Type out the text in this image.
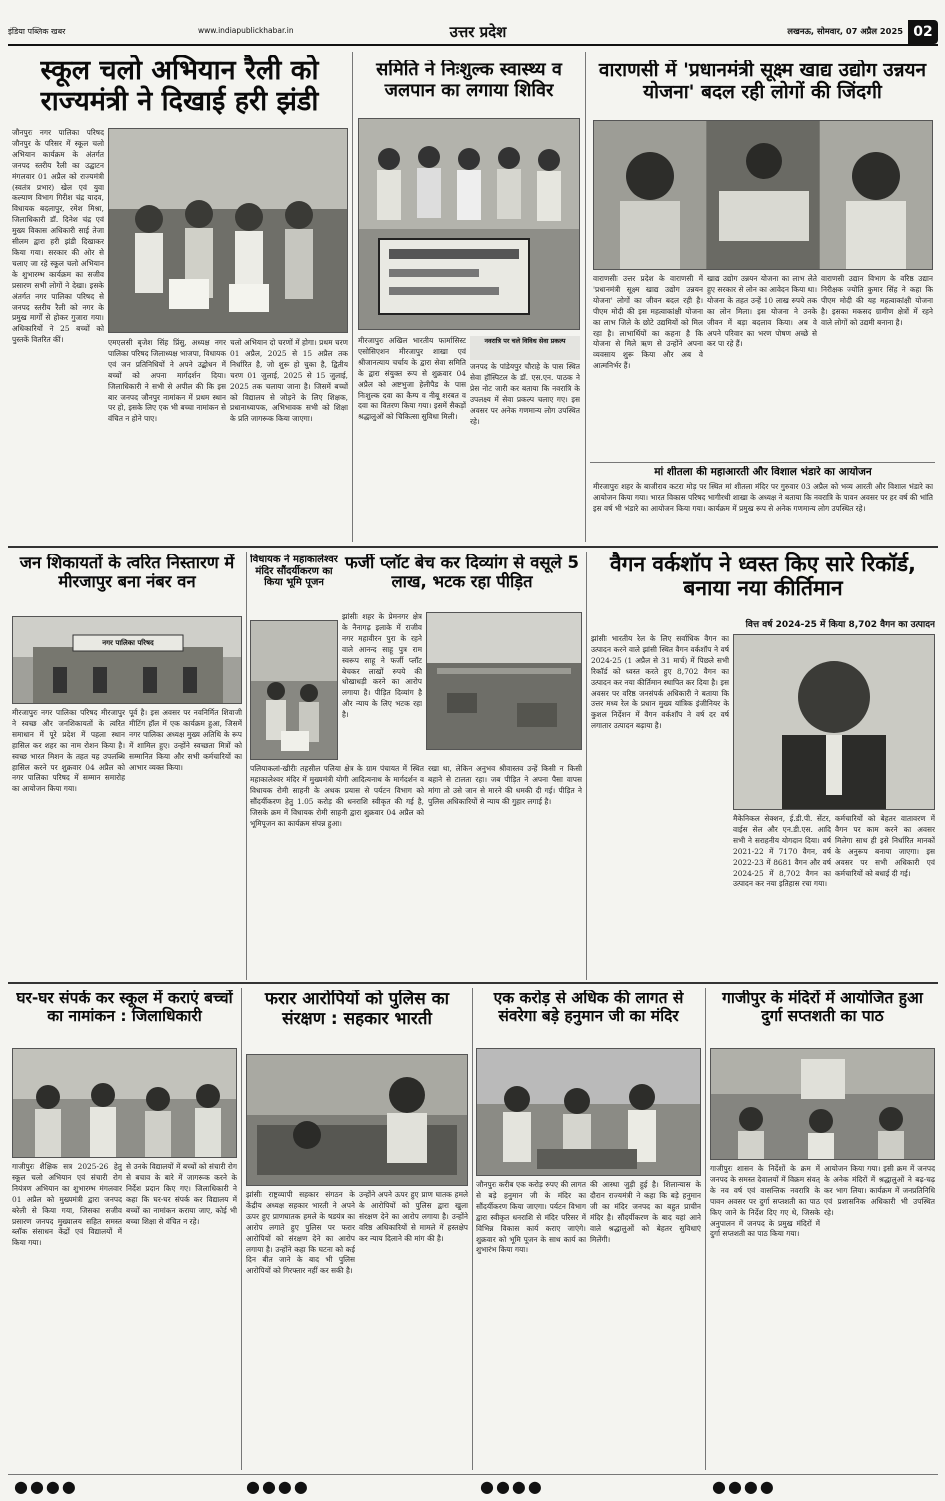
इंडिया पब्लिक खबर	www.indiapublickhabar.in	उत्तर प्रदेश	लखनऊ, सोमवार, 07 अप्रैल 2025 02
स्कूल चलो अभियान रैली को राज्यमंत्री ने दिखाई हरी झंडी
जौनपुरः नगर पालिका परिषद जौनपुर के परिसर में स्कूल चलो अभियान कार्यक्रम के अंतर्गत जनपद स्तरीय रैली का उद्घाटन मंगलवार 01 अप्रैल को राज्यमंत्री (स्वतंत्र प्रभार) खेल एवं युवा कल्याण विभाग गिरीश चंद्र यादव, विधायक बदलापुर, रमेश मिश्रा, जिलाधिकारी डॉ. दिनेश चंद्र एवं मुख्य विकास अधिकारी साई तेजा सीलम द्वारा हरी झंडी दिखाकर किया गया। सरकार की ओर से चलाए जा रहे स्कूल चलो अभियान के शुभारम्भ कार्यक्रम का सजीव प्रसारण सभी लोगों ने देखा। इसके अंतर्गत नगर पालिका परिषद से जनपद स्तरीय रैली को नगर के प्रमुख मार्गों से होकर गुजारा गया। अधिकारियों ने 25 बच्चों को पुस्तकें वितरित कीं।	एमएलसी बृजेश सिंह प्रिंसु, अध्यक्ष नगर पालिका परिषद जिलाध्यक्ष भाजपा, विधायक एवं जन प्रतिनिधियों ने अपने उद्बोधन में बच्चों को अपना मार्गदर्शन दिया। जिलाधिकारी ने सभी से अपील की कि इस बार जनपद जौनपुर नामांकन में प्रथम स्थान पर हो, इसके लिए एक भी बच्चा नामांकन से वंचित न होने पाए।
चलो अभियान दो चरणों में होगा। प्रथम चरण 01 अप्रैल, 2025 से 15 अप्रैल तक निर्धारित है, जो शुरू हो चुका है, द्वितीय चरण 01 जुलाई, 2025 से 15 जुलाई, 2025 तक चलाया जाना है। जिसमें बच्चों को विद्यालय से जोड़ने के लिए शिक्षक, प्रधानाध्यापक, अभिभावक सभी को शिक्षा के प्रति जागरूक किया जाएगा।
समिति ने निःशुल्क स्वास्थ्य व जलपान का लगाया शिविर
मीरजापुरः अखिल भारतीय फार्मासिस्ट एसोसिएशन मीरजापुर शाखा एवं श्रीजानत्याय चर्चाय के द्वारा सेवा समिति के द्वारा संयुक्त रूप से शुक्रवार 04 अप्रैल को अष्टभुजा हेलीपैड के पास निःशुल्क दवा का कैम्प व नीबू शरबत व दवा का वितरण किया गया। इसमें सैकड़ों श्रद्धालुओं को चिकित्सा सुविधा मिली।
नवरात्रि पर चले विविध सेवा प्रकल्प
जनपद के पांडेयपुर चौराहे के पास स्थित सेवा हॉस्पिटल के डॉ. एस.एन. पाठक ने प्रेस नोट जारी कर बताया कि नवरात्रि के उपलक्ष्य में सेवा प्रकल्प चलाए गए। इस अवसर पर अनेक गणमान्य लोग उपस्थित रहे।
वाराणसी में 'प्रधानमंत्री सूक्ष्म खाद्य उद्योग उन्नयन योजना' बदल रही लोगों की जिंदगी
वाराणसीः उत्तर प्रदेश के वाराणसी में 'प्रधानमंत्री सूक्ष्म खाद्य उद्योग उन्नयन योजना' लोगों का जीवन बदल रही है। पीएम मोदी की इस महत्वाकांक्षी योजना का लाभ जिले के छोटे उद्यमियों को मिल रहा है। लाभार्थियों का कहना है कि योजना से मिले ऋण से उन्होंने अपना व्यवसाय शुरू किया और अब वे आत्मनिर्भर हैं।
खाद्य उद्योग उन्नयन योजना का लाभ लेते हुए सरकार से लोन का आवेदन किया था। योजना के तहत उन्हें 10 लाख रुपये तक का लोन मिला। इस योजना ने उनके जीवन में बड़ा बदलाव किया। अब वे अपने परिवार का भरण पोषण अच्छे से कर पा रहे हैं।
वाराणसी उद्यान विभाग के वरिष्ठ उद्यान निरीक्षक ज्योति कुमार सिंह ने कहा कि पीएम मोदी की यह महत्वाकांक्षी योजना है। इसका मकसद ग्रामीण क्षेत्रों में रहने वाले लोगों को उद्यमी बनाना है।
मां शीतला की महाआरती और विशाल भंडारे का आयोजन
मीरजापुरः शहर के बाजीराव कटरा मोड़ पर स्थित मां शीतला मंदिर पर गुरुवार 03 अप्रैल को भव्य आरती और विशाल भंडारे का आयोजन किया गया। भारत विकास परिषद भागीरथी शाखा के अध्यक्ष ने बताया कि नवरात्रि के पावन अवसर पर हर वर्ष की भांति इस वर्ष भी भंडारे का आयोजन किया गया। कार्यक्रम में प्रमुख रूप से अनेक गणमान्य लोग उपस्थित रहे।
जन शिकायतों के त्वरित निस्तारण में मीरजापुर बना नंबर वन
नगर पालिका परिषद
मीरजापुरः नगर पालिका परिषद मीरजापुर ने स्वच्छ और जनशिकायतों के त्वरित समाधान में पूरे प्रदेश में पहला स्थान हासिल कर शहर का नाम रोशन किया है। स्वच्छ भारत मिशन के तहत यह उपलब्धि हासिल करने पर शुक्रवार 04 अप्रैल को नगर पालिका परिषद में सम्मान समारोह का आयोजन किया गया।
पूर्व है। इस अवसर पर नवनिर्मित शिवाजी मीटिंग हॉल में एक कार्यक्रम हुआ, जिसमें नगर पालिका अध्यक्ष मुख्य अतिथि के रूप में शामिल हुए। उन्होंने स्वच्छता मित्रों को सम्मानित किया और सभी कर्मचारियों का आभार व्यक्त किया।
विधायक ने महाकालेश्वर मंदिर सौंदर्यीकरण का किया भूमि पूजन
पलियाकलां-खीरीः तहसील पलिया क्षेत्र के ग्राम पंचायत में स्थित महाकालेश्वर मंदिर में मुख्यमंत्री योगी आदित्यनाथ के मार्गदर्शन व विधायक रोमी साहनी के अथक प्रयास से पर्यटन विभाग को सौंदर्यीकरण हेतु 1.05 करोड़ की धनराशि स्वीकृत की गई है, जिसके क्रम में विधायक रोमी साहनी द्वारा शुक्रवार 04 अप्रैल को भूमिपूजन का कार्यक्रम संपन्न हुआ।
फर्जी प्लॉट बेच कर दिव्यांग से वसूले 5 लाख, भटक रहा पीड़ित
झांसीः शहर के प्रेमनगर क्षेत्र के नैनागढ़ इलाके में राजीव नगर महावीरन पुरा के रहने वाले आनन्द साहू पुत्र राम स्वरूप साहू ने फर्जी प्लॉट बेचकर लाखों रुपये की धोखाधड़ी करने का आरोप लगाया है। पीड़ित दिव्यांग है और न्याय के लिए भटक रहा है।
रखा था, लेकिन अनुभव श्रीवास्तव उन्हें किसी न किसी बहाने से टालता रहा। जब पीड़ित ने अपना पैसा वापस मांगा तो उसे जान से मारने की धमकी दी गई। पीड़ित ने पुलिस अधिकारियों से न्याय की गुहार लगाई है।
वैगन वर्कशॉप ने ध्वस्त किए सारे रिकॉर्ड, बनाया नया कीर्तिमान
वित्त वर्ष 2024-25 में किया 8,702 वैगन का उत्पादन
झांसीः भारतीय रेल के लिए सर्वाधिक वैगन का उत्पादन करने वाले झांसी स्थित वैगन वर्कशॉप ने वर्ष 2024-25 (1 अप्रैल से 31 मार्च) में पिछले सभी रिकॉर्ड को ध्वस्त करते हुए 8,702 वैगन का उत्पादन कर नया कीर्तिमान स्थापित कर दिया है। इस अवसर पर वरिष्ठ जनसंपर्क अधिकारी ने बताया कि उत्तर मध्य रेल के प्रधान मुख्य यांत्रिक इंजीनियर के कुशल निर्देशन में वैगन वर्कशॉप ने वर्ष दर वर्ष लगातार उत्पादन बढ़ाया है।
मैकेनिकल सेक्शन, ई.डी.पी. सेंटर, वाईस सेल और एन.डी.एस. आदि सभी ने सराहनीय योगदान दिया। वर्ष 2021-22 में 7170 वैगन, वर्ष 2022-23 में 8681 वैगन और वर्ष 2024-25 में 8,702 वैगन का उत्पादन कर नया इतिहास रचा गया।
कर्मचारियों को बेहतर वातावरण में वैगन पर काम करने का अवसर मिलेगा साथ ही इसे निर्धारित मानकों के अनुरूप बनाया जाएगा। इस अवसर पर सभी अधिकारी एवं कर्मचारियों को बधाई दी गई।
घर-घर संपर्क कर स्कूल में कराएं बच्चों का नामांकन : जिलाधिकारी
गाजीपुरः शैक्षिक सत्र 2025-26 हेतु स्कूल चलो अभियान एवं संचारी रोग नियंत्रण अभियान का शुभारम्भ मंगलवार 01 अप्रैल को मुख्यमंत्री द्वारा जनपद बरेली से किया गया, जिसका सजीव प्रसारण जनपद मुख्यालय सहित समस्त ब्लॉक संसाधन केंद्रों एवं विद्यालयों में किया गया।
से उनके विद्यालयों में बच्चों को संचारी रोग से बचाव के बारे में जागरूक करने के निर्देश प्रदान किए गए। जिलाधिकारी ने कहा कि घर-घर संपर्क कर विद्यालय में बच्चों का नामांकन कराया जाए, कोई भी बच्चा शिक्षा से वंचित न रहे।
फरार आरोपियों को पुलिस का संरक्षण : सहकार भारती
झांसीः राष्ट्रव्यापी सहकार संगठन के केंद्रीय अध्यक्ष सहकार भारती ने अपने ऊपर हुए प्राणघातक हमले के षडयंत्र का आरोप लगाते हुए पुलिस पर फरार आरोपियों को संरक्षण देने का आरोप लगाया है। उन्होंने कहा कि घटना को कई दिन बीत जाने के बाद भी पुलिस आरोपियों को गिरफ्तार नहीं कर सकी है।
उन्होंने अपने ऊपर हुए प्राण घातक हमले के आरोपियों को पुलिस द्वारा खुला संरक्षण देने का आरोप लगाया है। उन्होंने वरिष्ठ अधिकारियों से मामले में हस्तक्षेप कर न्याय दिलाने की मांग की है।
एक करोड़ से अधिक की लागत से संवरेगा बड़े हनुमान जी का मंदिर
जौनपुरः करीब एक करोड़ रुपए की लागत से बड़े हनुमान जी के मंदिर का सौंदर्यीकरण किया जाएगा। पर्यटन विभाग द्वारा स्वीकृत धनराशि से मंदिर परिसर में विभिन्न विकास कार्य कराए जाएंगे। शुक्रवार को भूमि पूजन के साथ कार्य का शुभारंभ किया गया।
की आस्था जुड़ी हुई है। शिलान्यास के दौरान राज्यमंत्री ने कहा कि बड़े हनुमान जी का मंदिर जनपद का बहुत प्राचीन मंदिर है। सौंदर्यीकरण के बाद यहां आने वाले श्रद्धालुओं को बेहतर सुविधाएं मिलेंगी।
गाजीपुर के मंदिरों में आयोजित हुआ दुर्गा सप्तशती का पाठ
गाजीपुरः शासन के निर्देशों के क्रम में जनपद के समस्त देवालयों में विक्रम संवत् के नव वर्ष एवं वासन्तिक नवरात्रि के पावन अवसर पर दुर्गा सप्तशती का पाठ किए जाने के निर्देश दिए गए थे, जिसके अनुपालन में जनपद के प्रमुख मंदिरों में दुर्गा सप्तशती का पाठ किया गया।
आयोजन किया गया। इसी क्रम में जनपद के अनेक मंदिरों में श्रद्धालुओं ने बढ़-चढ़ कर भाग लिया। कार्यक्रम में जनप्रतिनिधि एवं प्रशासनिक अधिकारी भी उपस्थित रहे।
●●●●	●●●●	●●●●	●●●●
